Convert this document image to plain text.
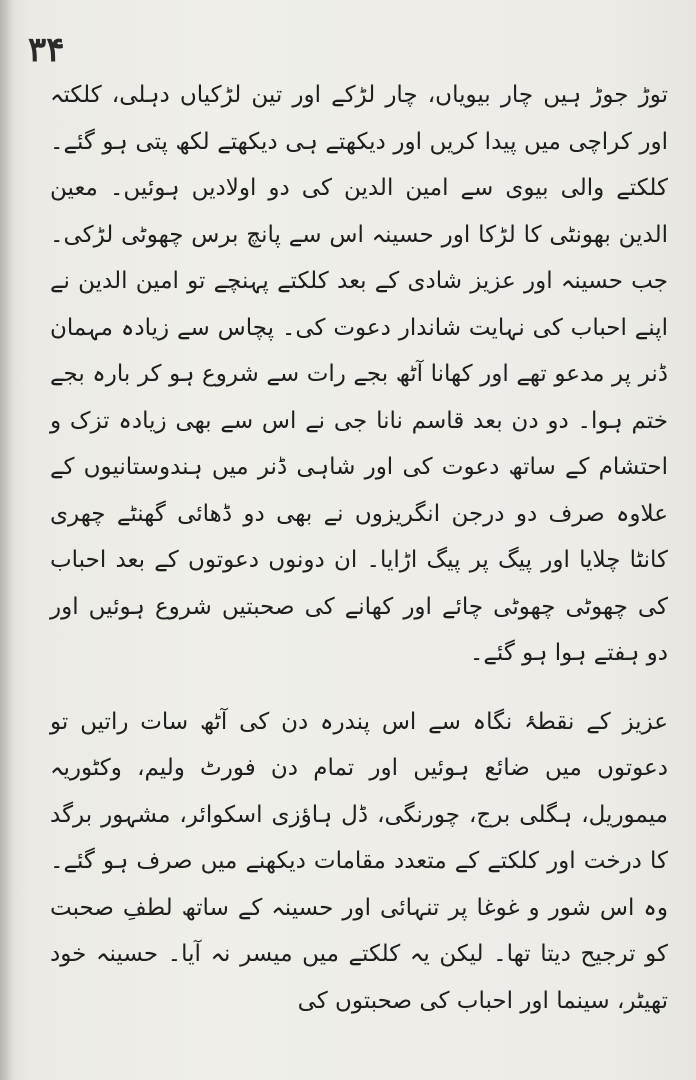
۳۴

توڑ جوڑ ہیں چار بیویاں، چار لڑکے اور تین لڑکیاں دہلی، کلکتہ اور کراچی میں پیدا کریں اور دیکھتے ہی دیکھتے لکھ پتی ہو گئے۔ کلکتے والی بیوی سے امین الدین کی دو اولادیں ہوئیں۔ معین الدین بھونٹی کا لڑکا اور حسینہ اس سے پانچ برس چھوٹی لڑکی۔ جب حسینہ اور عزیز شادی کے بعد کلکتے پہنچے تو امین الدین نے اپنے احباب کی نہایت شاندار دعوت کی۔ پچاس سے زیادہ مہمان ڈنر پر مدعو تھے اور کھانا آٹھ بجے رات سے شروع ہو کر بارہ بجے ختم ہوا۔ دو دن بعد قاسم نانا جی نے اس سے بھی زیادہ تزک و احتشام کے ساتھ دعوت کی اور شاہی ڈنر میں ہندوستانیوں کے علاوہ صرف دو درجن انگریزوں نے بھی دو ڈھائی گھنٹے چھری کانٹا چلایا اور پیگ پر پیگ اڑایا۔ ان دونوں دعوتوں کے بعد احباب کی چھوٹی چھوٹی چائے اور کھانے کی صحبتیں شروع ہوئیں اور دو ہفتے ہوا ہو گئے۔

عزیز کے نقطۂ نگاہ سے اس پندرہ دن کی آٹھ سات راتیں تو دعوتوں میں ضائع ہوئیں اور تمام دن فورٹ ولیم، وکٹوریہ میموریل، ہگلی برج، چورنگی، ڈل ہاؤزی اسکوائر، مشہور برگد کا درخت اور کلکتے کے متعدد مقامات دیکھنے میں صرف ہو گئے۔ وہ اس شور و غوغا پر تنہائی اور حسینہ کے ساتھ لطفِ صحبت کو ترجیح دیتا تھا۔ لیکن یہ کلکتے میں میسر نہ آیا۔ حسینہ خود تھیٹر، سینما اور احباب کی صحبتوں کی
